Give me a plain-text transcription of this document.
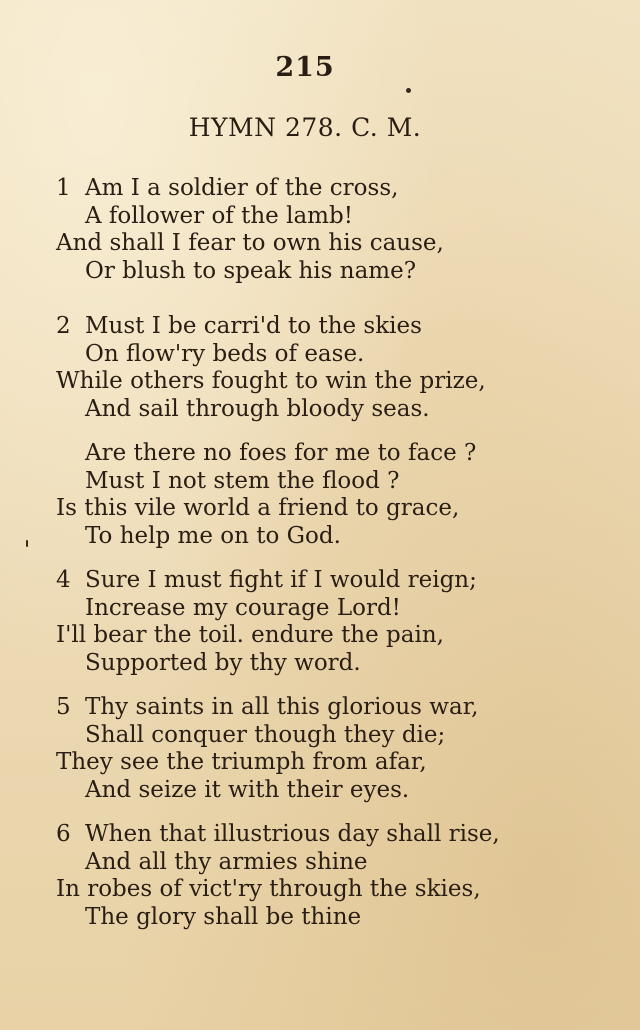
215
HYMN 278. C. M.
1 Am I a soldier of the cross,
A follower of the lamb!
And shall I fear to own his cause,
Or blush to speak his name?
2 Must I be carri'd to the skies
On flow'ry beds of ease.
While others fought to win the prize,
And sail through bloody seas.
Are there no foes for me to face ?
Must I not stem the flood ?
Is this vile world a friend to grace,
To help me on to God.
4 Sure I must fight if I would reign;
Increase my courage Lord!
I'll bear the toil. endure the pain,
Supported by thy word.
5 Thy saints in all this glorious war,
Shall conquer though they die;
They see the triumph from afar,
And seize it with their eyes.
6 When that illustrious day shall rise,
And all thy armies shine
In robes of vict'ry through the skies,
The glory shall be thine
